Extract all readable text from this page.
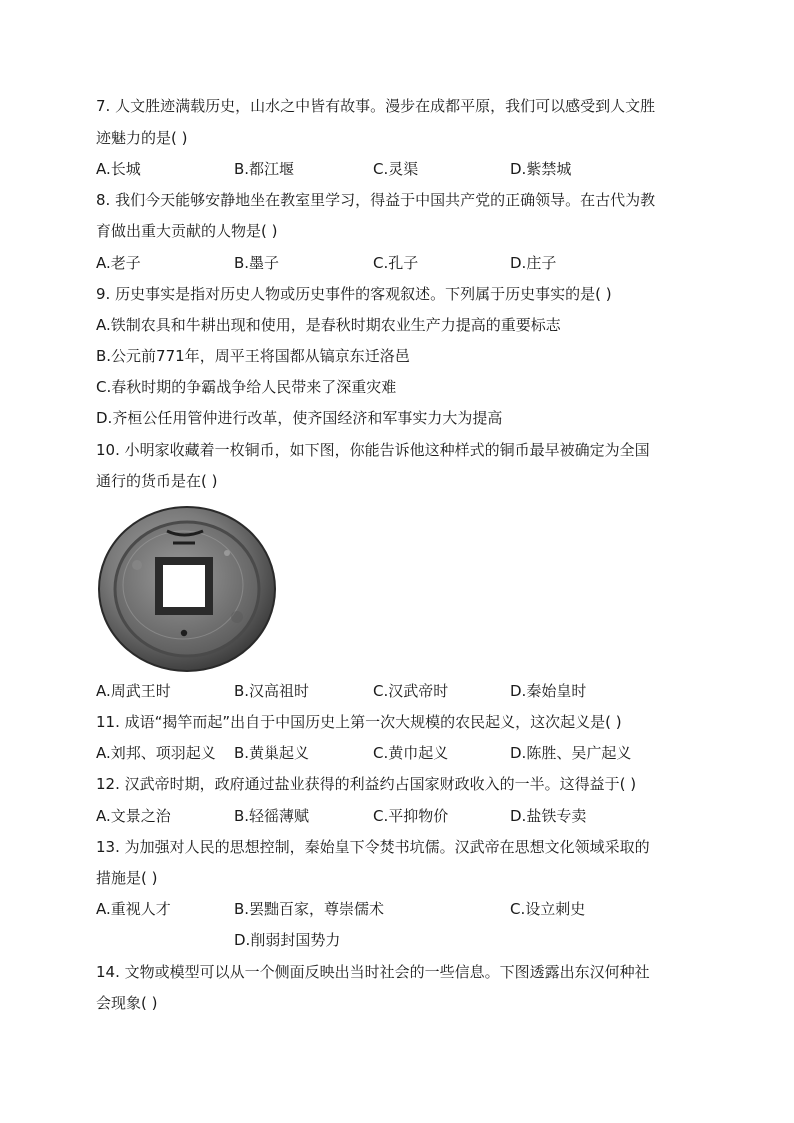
7. 人文胜迹满载历史，山水之中皆有故事。漫步在成都平原，我们可以感受到人文胜
迹魅力的是( )
A.长城	B.都江堰	C.灵渠	D.紫禁城
8. 我们今天能够安静地坐在教室里学习，得益于中国共产党的正确领导。在古代为教
育做出重大贡献的人物是( )
A.老子	B.墨子	C.孔子	D.庄子
9. 历史事实是指对历史人物或历史事件的客观叙述。下列属于历史事实的是( )
A.铁制农具和牛耕出现和使用，是春秋时期农业生产力提高的重要标志
B.公元前771年，周平王将国都从镐京东迁洛邑
C.春秋时期的争霸战争给人民带来了深重灾难
D.齐桓公任用管仲进行改革，使齐国经济和军事实力大为提高
10. 小明家收藏着一枚铜币，如下图，你能告诉他这种样式的铜币最早被确定为全国
通行的货币是在( )
A.周武王时	B.汉高祖时	C.汉武帝时	D.秦始皇时
11. 成语“揭竿而起”出自于中国历史上第一次大规模的农民起义，这次起义是( )
A.刘邦、项羽起义 B.黄巢起义	C.黄巾起义	D.陈胜、吴广起义
12. 汉武帝时期，政府通过盐业获得的利益约占国家财政收入的一半。这得益于( )
A.文景之治	B.轻徭薄赋	C.平抑物价	D.盐铁专卖
13. 为加强对人民的思想控制，秦始皇下令焚书坑儒。汉武帝在思想文化领域采取的
措施是( )
A.重视人才	B.罢黜百家，尊崇儒术	C.设立刺史
D.削弱封国势力
14. 文物或模型可以从一个侧面反映出当时社会的一些信息。下图透露出东汉何种社
会现象( )
